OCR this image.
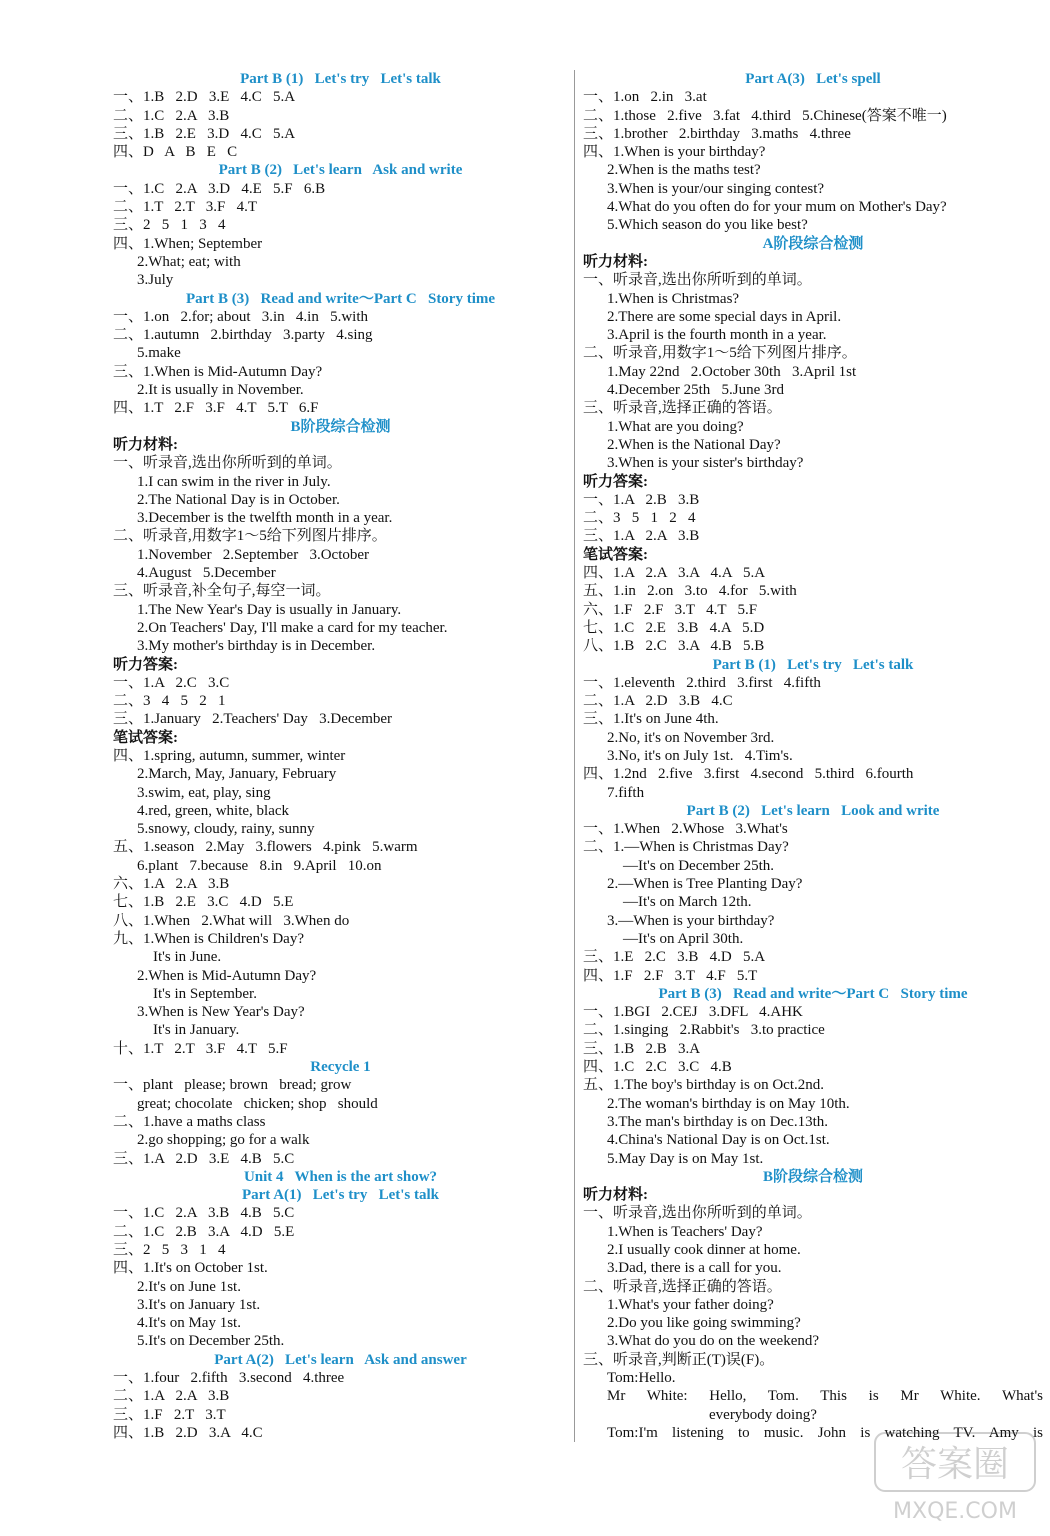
Part B (1)   Let's try   Let's talk
一、1.B   2.D   3.E   4.C   5.A
二、1.C   2.A   3.B
三、1.B   2.E   3.D   4.C   5.A
四、D   A   B   E   C
Part B (2)   Let's learn   Ask and write
一、1.C   2.A   3.D   4.E   5.F   6.B
二、1.T   2.T   3.F   4.T
三、2   5   1   3   4
四、1.When; September
2.What; eat; with
3.July
Part B (3)   Read and write～Part C   Story time
一、1.on   2.for; about   3.in   4.in   5.with
二、1.autumn   2.birthday   3.party   4.sing
5.make
三、1.When is Mid-Autumn Day?
2.It is usually in November.
四、1.T   2.F   3.F   4.T   5.T   6.F
B阶段综合检测
听力材料:
一、听录音,选出你所听到的单词。
1.I can swim in the river in July.
2.The National Day is in October.
3.December is the twelfth month in a year.
二、听录音,用数字1～5给下列图片排序。
1.November   2.September   3.October
4.August   5.December
三、听录音,补全句子,每空一词。
1.The New Year's Day is usually in January.
2.On Teachers' Day, I'll make a card for my teacher.
3.My mother's birthday is in December.
听力答案:
一、1.A   2.C   3.C
二、3   4   5   2   1
三、1.January   2.Teachers' Day   3.December
笔试答案:
四、1.spring, autumn, summer, winter
2.March, May, January, February
3.swim, eat, play, sing
4.red, green, white, black
5.snowy, cloudy, rainy, sunny
五、1.season   2.May   3.flowers   4.pink   5.warm
6.plant   7.because   8.in   9.April   10.on
六、1.A   2.A   3.B
七、1.B   2.E   3.C   4.D   5.E
八、1.When   2.What will   3.When do
九、1.When is Children's Day?
It's in June.
2.When is Mid-Autumn Day?
It's in September.
3.When is New Year's Day?
It's in January.
十、1.T   2.T   3.F   4.T   5.F
Recycle 1
一、plant   please; brown   bread; grow
great; chocolate   chicken; shop   should
二、1.have a maths class
2.go shopping; go for a walk
三、1.A   2.D   3.E   4.B   5.C
Unit 4   When is the art show?
Part A(1)   Let's try   Let's talk
一、1.C   2.A   3.B   4.B   5.C
二、1.C   2.B   3.A   4.D   5.E
三、2   5   3   1   4
四、1.It's on October 1st.
2.It's on June 1st.
3.It's on January 1st.
4.It's on May 1st.
5.It's on December 25th.
Part A(2)   Let's learn   Ask and answer
一、1.four   2.fifth   3.second   4.three
二、1.A   2.A   3.B
三、1.F   2.T   3.T
四、1.B   2.D   3.A   4.C
Part A(3)   Let's spell
一、1.on   2.in   3.at
二、1.those   2.five   3.fat   4.third   5.Chinese(答案不唯一)
三、1.brother   2.birthday   3.maths   4.three
四、1.When is your birthday?
2.When is the maths test?
3.When is your/our singing contest?
4.What do you often do for your mum on Mother's Day?
5.Which season do you like best?
A阶段综合检测
听力材料:
一、听录音,选出你所听到的单词。
1.When is Christmas?
2.There are some special days in April.
3.April is the fourth month in a year.
二、听录音,用数字1～5给下列图片排序。
1.May 22nd   2.October 30th   3.April 1st
4.December 25th   5.June 3rd
三、听录音,选择正确的答语。
1.What are you doing?
2.When is the National Day?
3.When is your sister's birthday?
听力答案:
一、1.A   2.B   3.B
二、3   5   1   2   4
三、1.A   2.A   3.B
笔试答案:
四、1.A   2.A   3.A   4.A   5.A
五、1.in   2.on   3.to   4.for   5.with
六、1.F   2.F   3.T   4.T   5.F
七、1.C   2.E   3.B   4.A   5.D
八、1.B   2.C   3.A   4.B   5.B
Part B (1)   Let's try   Let's talk
一、1.eleventh   2.third   3.first   4.fifth
二、1.A   2.D   3.B   4.C
三、1.It's on June 4th.
2.No, it's on November 3rd.
3.No, it's on July 1st.   4.Tim's.
四、1.2nd   2.five   3.first   4.second   5.third   6.fourth
7.fifth
Part B (2)   Let's learn   Look and write
一、1.When   2.Whose   3.What's
二、1.—When is Christmas Day?
—It's on December 25th.
2.—When is Tree Planting Day?
—It's on March 12th.
3.—When is your birthday?
—It's on April 30th.
三、1.E   2.C   3.B   4.D   5.A
四、1.F   2.F   3.T   4.F   5.T
Part B (3)   Read and write～Part C   Story time
一、1.BGI   2.CEJ   3.DFL   4.AHK
二、1.singing   2.Rabbit's   3.to practice
三、1.B   2.B   3.A
四、1.C   2.C   3.C   4.B
五、1.The boy's birthday is on Oct.2nd.
2.The woman's birthday is on May 10th.
3.The man's birthday is on Dec.13th.
4.China's National Day is on Oct.1st.
5.May Day is on May 1st.
B阶段综合检测
听力材料:
一、听录音,选出你所听到的单词。
1.When is Teachers' Day?
2.I usually cook dinner at home.
3.Dad, there is a call for you.
二、听录音,选择正确的答语。
1.What's your father doing?
2.Do you like going swimming?
3.What do you do on the weekend?
三、听录音,判断正(T)误(F)。
Tom:Hello.
Mr White: Hello, Tom. This is Mr White. What's
everybody doing?
Tom:I'm listening to music. John is watching TV. Amy is
答案圈
MXQE.COM
